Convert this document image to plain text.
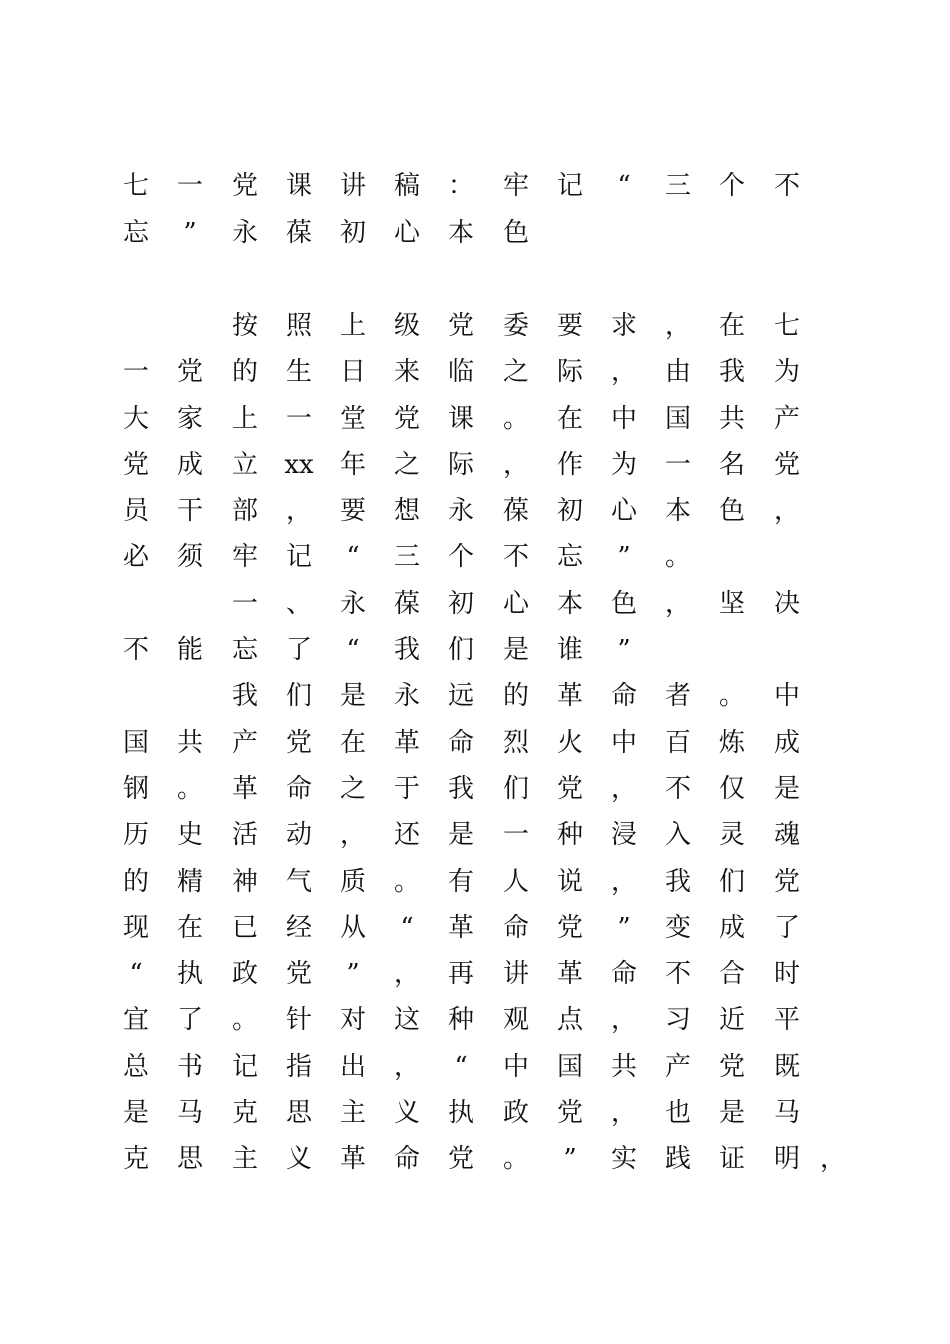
七 一 党 课 讲 稿 ： 牢 记	“	三 个 不
忘	”	永 葆 初 心 本 色
按 照 上 级 党 委 要 求 ， 在 七
一 党 的 生 日 来 临 之 际 ， 由 我 为
大 家 上 一 堂 党 课 。 在 中 国 共 产
党 成 立 xx 年 之 际 ， 作 为 一 名 党
员 干 部 ， 要 想 永 葆 初 心 本 色 ，
必 须 牢 记	“	三 个 不 忘	”	。
一 、 永 葆 初 心 本 色 ， 坚 决
不 能 忘 了	“	我 们 是 谁	”
我 们 是 永 远 的 革 命 者 。 中
国 共 产 党 在 革 命 烈 火 中 百 炼 成
钢 。 革 命 之 于 我 们 党 ， 不 仅 是
历 史 活 动 ， 还 是 一 种 浸 入 灵 魂
的 精 神 气 质 。 有 人 说 ， 我 们 党
现 在 已 经 从	“	革 命 党	”	变 成 了
“	执 政 党	”	， 再 讲 革 命 不 合 时
宜 了 。 针 对 这 种 观 点 ， 习 近 平
总 书 记 指 出 ，	“	中 国 共 产 党 既
是 马 克 思 主 义 执 政 党 ， 也 是 马
克 思 主 义 革 命 党 。	”	实 践 证 明 ，
